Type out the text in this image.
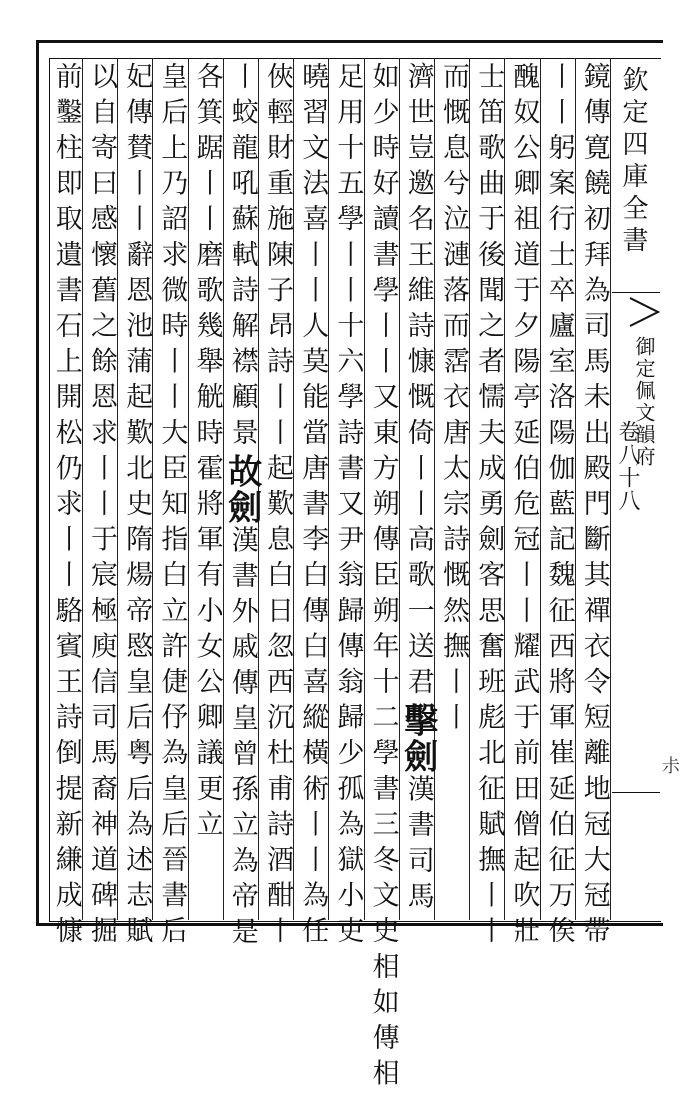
欽定四庫全書
御定佩文韻府
卷八十八
尗
鏡傳寛饒初拜為司馬未出殿門斷其禪衣令短離地冠大冠帶
丨丨躬案行士卒廬室洛陽伽藍記魏征西將軍崔延伯征万俟
醜奴公卿祖道于夕陽亭延伯危冠丨丨耀武于前田僧起吹壯
士笛歌曲于後聞之者懦夫成勇劍客思奮班彪北征賦撫丨丨
而慨息兮泣漣落而霑衣唐太宗詩慨然撫丨丨
濟世豈邀名王維詩慷慨倚丨丨高歌一送君擊劍漢書司馬
如少時好讀書學丨丨又東方朔傳臣朔年十二學書三冬文史相如傳相
足用十五學丨丨十六學詩書又尹翁歸傳翁歸少孤為獄小吏
曉習文法喜丨丨人莫能當唐書李白傳白喜縱橫術丨丨為任
俠輕財重施陳子昂詩丨丨起歎息白日忽西沉杜甫詩酒酣丨
丨蛟龍吼蘇軾詩解襟顧景故劍漢書外戚傳皇曾孫立為帝是
各箕踞丨丨磨歌幾舉觥時霍將軍有小女公卿議更立
皇后上乃詔求微時丨丨大臣知指白立許倢伃為皇后晉書后
妃傳賛丨丨辭恩池蒲起歎北史隋煬帝愍皇后粤后為述志賦
以自寄曰感懷舊之餘恩求丨丨于宸極庾信司馬裔神道碑掘
前鑿柱即取遺書石上開松仍求丨丨駱賓王詩倒提新縑成慷
